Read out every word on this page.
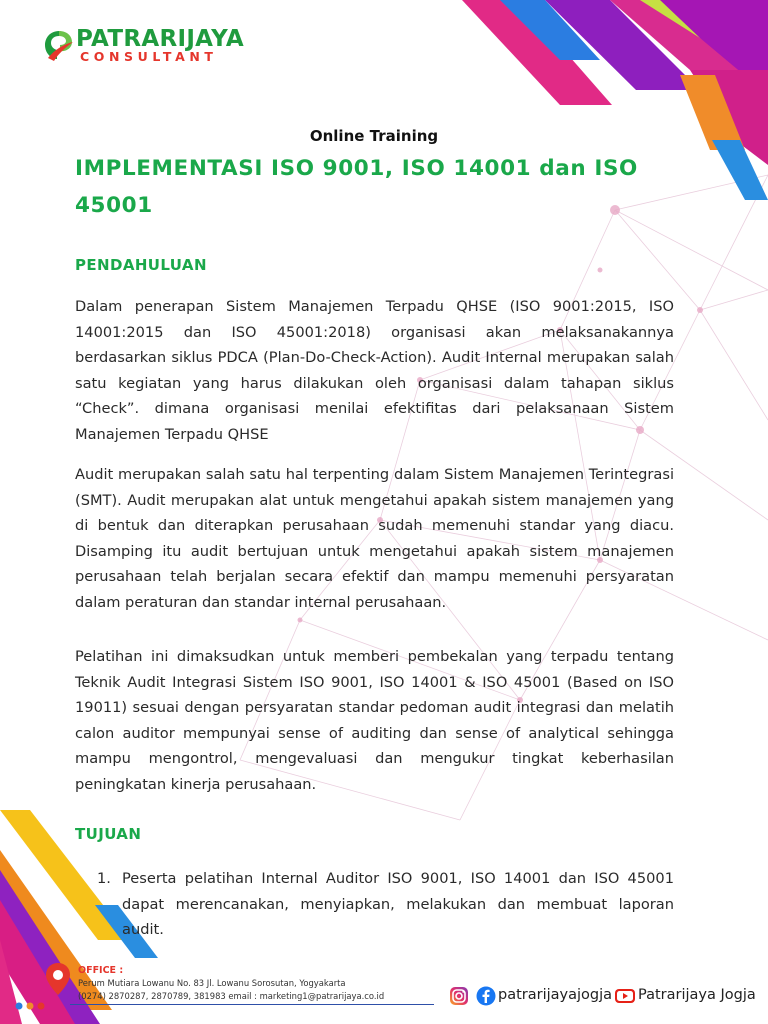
PATRARIJAYA
CONSULTANT
Online Training
IMPLEMENTASI ISO 9001, ISO 14001 dan ISO 45001
PENDAHULUAN
Dalam penerapan Sistem Manajemen Terpadu QHSE (ISO 9001:2015, ISO 14001:2015 dan ISO 45001:2018) organisasi akan melaksanakannya berdasarkan siklus PDCA (Plan-Do-Check-Action). Audit Internal merupakan salah satu kegiatan yang harus dilakukan oleh organisasi dalam tahapan siklus “Check”. dimana organisasi menilai efektifitas dari pelaksanaan Sistem Manajemen Terpadu QHSE
Audit merupakan salah satu hal terpenting dalam Sistem Manajemen Terintegrasi (SMT). Audit merupakan alat untuk mengetahui apakah sistem manajemen yang di bentuk dan diterapkan perusahaan sudah memenuhi standar yang diacu. Disamping itu audit bertujuan untuk mengetahui apakah sistem manajemen perusahaan telah berjalan secara efektif dan mampu memenuhi persyaratan dalam peraturan dan standar internal perusahaan.
Pelatihan ini dimaksudkan untuk memberi pembekalan yang terpadu tentang Teknik Audit Integrasi Sistem ISO 9001, ISO 14001 & ISO 45001 (Based on ISO 19011) sesuai dengan persyaratan standar pedoman audit integrasi dan melatih calon auditor mempunyai sense of auditing dan sense of analytical sehingga mampu mengontrol, mengevaluasi dan mengukur tingkat keberhasilan peningkatan kinerja perusahaan.
TUJUAN
1. Peserta pelatihan Internal Auditor ISO 9001, ISO 14001 dan ISO 45001 dapat merencanakan, menyiapkan, melakukan dan membuat laporan audit.
OFFICE :
Perum Mutiara Lowanu No. 83 Jl. Lowanu Sorosutan, Yogyakarta
(0274) 2870287, 2870789, 381983 email : marketing1@patrarijaya.co.id	patrarijayajogja Patrarijaya Jogja
